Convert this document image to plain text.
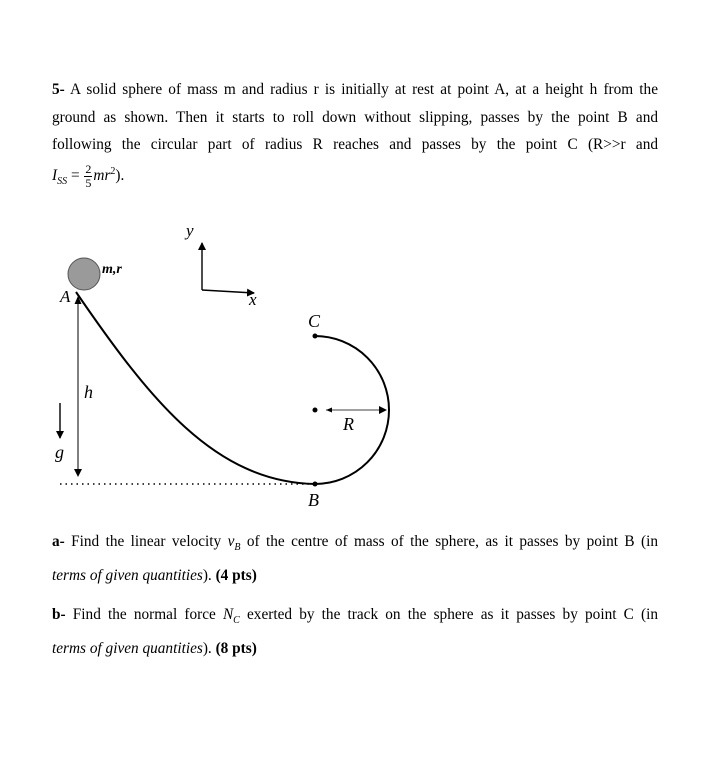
5- A solid sphere of mass m and radius r is initially at rest at point A, at a height h from the
ground as shown. Then it starts to roll down without slipping, passes by the point B and
following the circular part of radius R reaches and passes by the point C (R>>r and
$I_{SS} = \frac{2}{5} mr^2$).
y
x
m,r
A
C
B
R
h
g
a- Find the linear velocity $v_B$ of the centre of mass of the sphere, as it passes by point B (in
terms of given quantities). (4 pts)
b- Find the normal force $N_C$ exerted by the track on the sphere as it passes by point C (in
terms of given quantities). (8 pts)
